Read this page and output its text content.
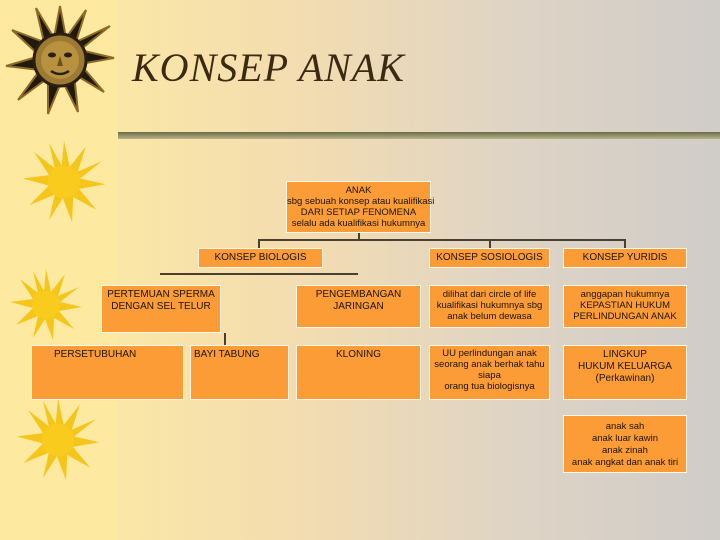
KONSEP ANAK
ANAK
sbg sebuah konsep atau kualifikasi
DARI SETIAP FENOMENA
selalu ada kualifikasi hukumnya
KONSEP BIOLOGIS	KONSEP SOSIOLOGIS	KONSEP YURIDIS
PERTEMUAN SPERMA
DENGAN SEL TELUR
PENGEMBANGAN
JARINGAN
dilihat dari circle of life
kualifikasi hukumnya sbg
anak belum dewasa
anggapan hukumnya
KEPASTIAN HUKUM
PERLINDUNGAN ANAK
PERSETUBUHAN	BAYI TABUNG	KLONING	UU perlindungan anak
seorang anak berhak tahu
siapa
orang tua biologisnya
LINGKUP
HUKUM KELUARGA
(Perkawinan)
anak sah
anak luar kawin
anak zinah
anak angkat dan anak tiri
